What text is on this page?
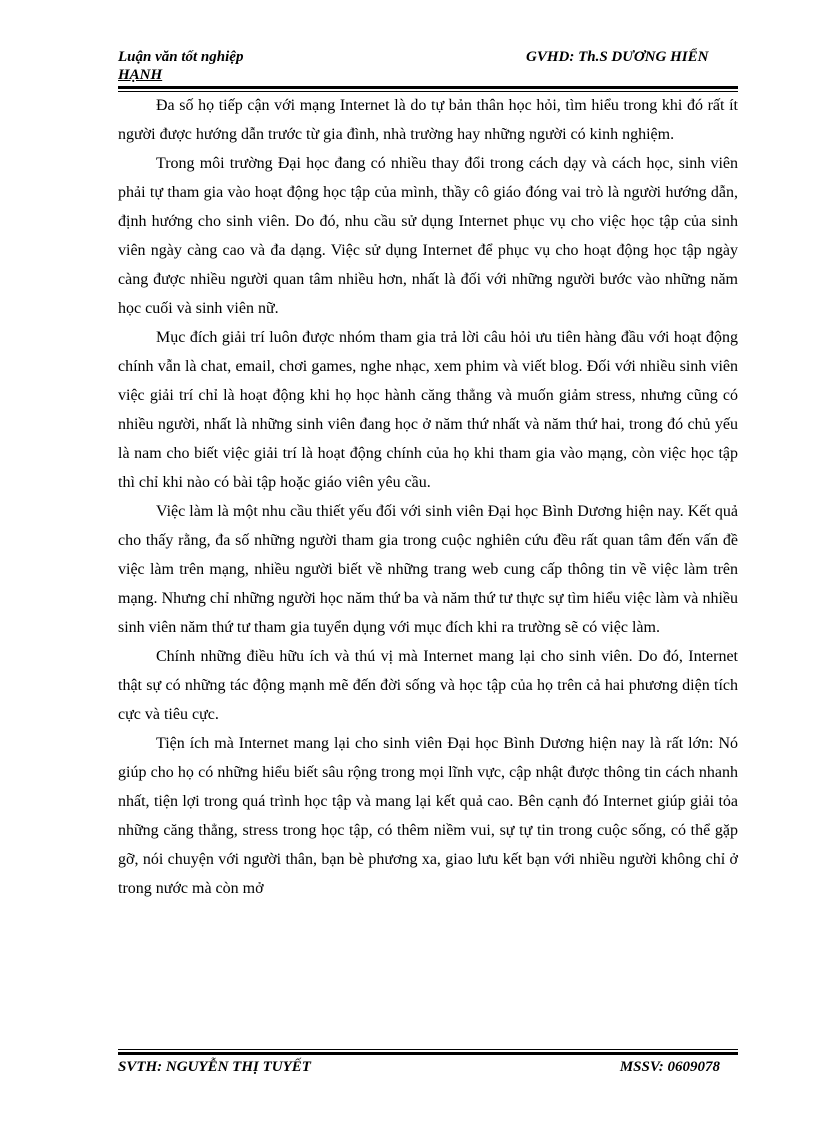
Luận văn tốt nghiệp	GVHD: Th.S DƯƠNG HIỂN
HẠNH

Đa số họ tiếp cận với mạng Internet là do tự bản thân học hỏi, tìm hiểu trong khi đó rất ít người được hướng dẫn trước từ gia đình, nhà trường hay những người có kinh nghiệm.

Trong môi trường Đại học đang có nhiều thay đổi trong cách dạy và cách học, sinh viên phải tự tham gia vào hoạt động học tập của mình, thầy cô giáo đóng vai trò là người hướng dẫn, định hướng cho sinh viên. Do đó, nhu cầu sử dụng Internet phục vụ cho việc học tập của sinh viên ngày càng cao và đa dạng. Việc sử dụng Internet để phục vụ cho hoạt động học tập ngày càng được nhiều người quan tâm nhiều hơn, nhất là đối với những người bước vào những năm học cuối và sinh viên nữ.

Mục đích giải trí luôn được nhóm tham gia trả lời câu hỏi ưu tiên hàng đầu với hoạt động chính vẫn là chat, email, chơi games, nghe nhạc, xem phim và viết blog. Đối với nhiều sinh viên việc giải trí chỉ là hoạt động khi họ học hành căng thẳng và muốn giảm stress, nhưng cũng có nhiều người, nhất là những sinh viên đang học ở năm thứ nhất và năm thứ hai, trong đó chủ yếu là nam cho biết việc giải trí là hoạt động chính của họ khi tham gia vào mạng, còn việc học tập thì chỉ khi nào có bài tập hoặc giáo viên yêu cầu.

Việc làm là một nhu cầu thiết yếu đối với sinh viên Đại học Bình Dương hiện nay. Kết quả cho thấy rằng, đa số những người tham gia trong cuộc nghiên cứu đều rất quan tâm đến vấn đề việc làm trên mạng, nhiều người biết về những trang web cung cấp thông tin về việc làm trên mạng. Nhưng chỉ những người học năm thứ ba và năm thứ tư thực sự tìm hiểu việc làm và nhiều sinh viên năm thứ tư tham gia tuyển dụng với mục đích khi ra trường sẽ có việc làm.

Chính những điều hữu ích và thú vị mà Internet mang lại cho sinh viên. Do đó, Internet thật sự có những tác động mạnh mẽ đến đời sống và học tập của họ trên cả hai phương diện tích cực và tiêu cực.

Tiện ích mà Internet mang lại cho sinh viên Đại học Bình Dương hiện nay là rất lớn: Nó giúp cho họ có những hiểu biết sâu rộng trong mọi lĩnh vực, cập nhật được thông tin cách nhanh nhất, tiện lợi trong quá trình học tập và mang lại kết quả cao. Bên cạnh đó Internet giúp giải tỏa những căng thẳng, stress trong học tập, có thêm niềm vui, sự tự tin trong cuộc sống, có thể gặp gỡ, nói chuyện với người thân, bạn bè phương xa, giao lưu kết bạn với nhiều người không chỉ ở trong nước mà còn mở

SVTH: NGUYỄN THỊ TUYẾT	MSSV: 0609078
